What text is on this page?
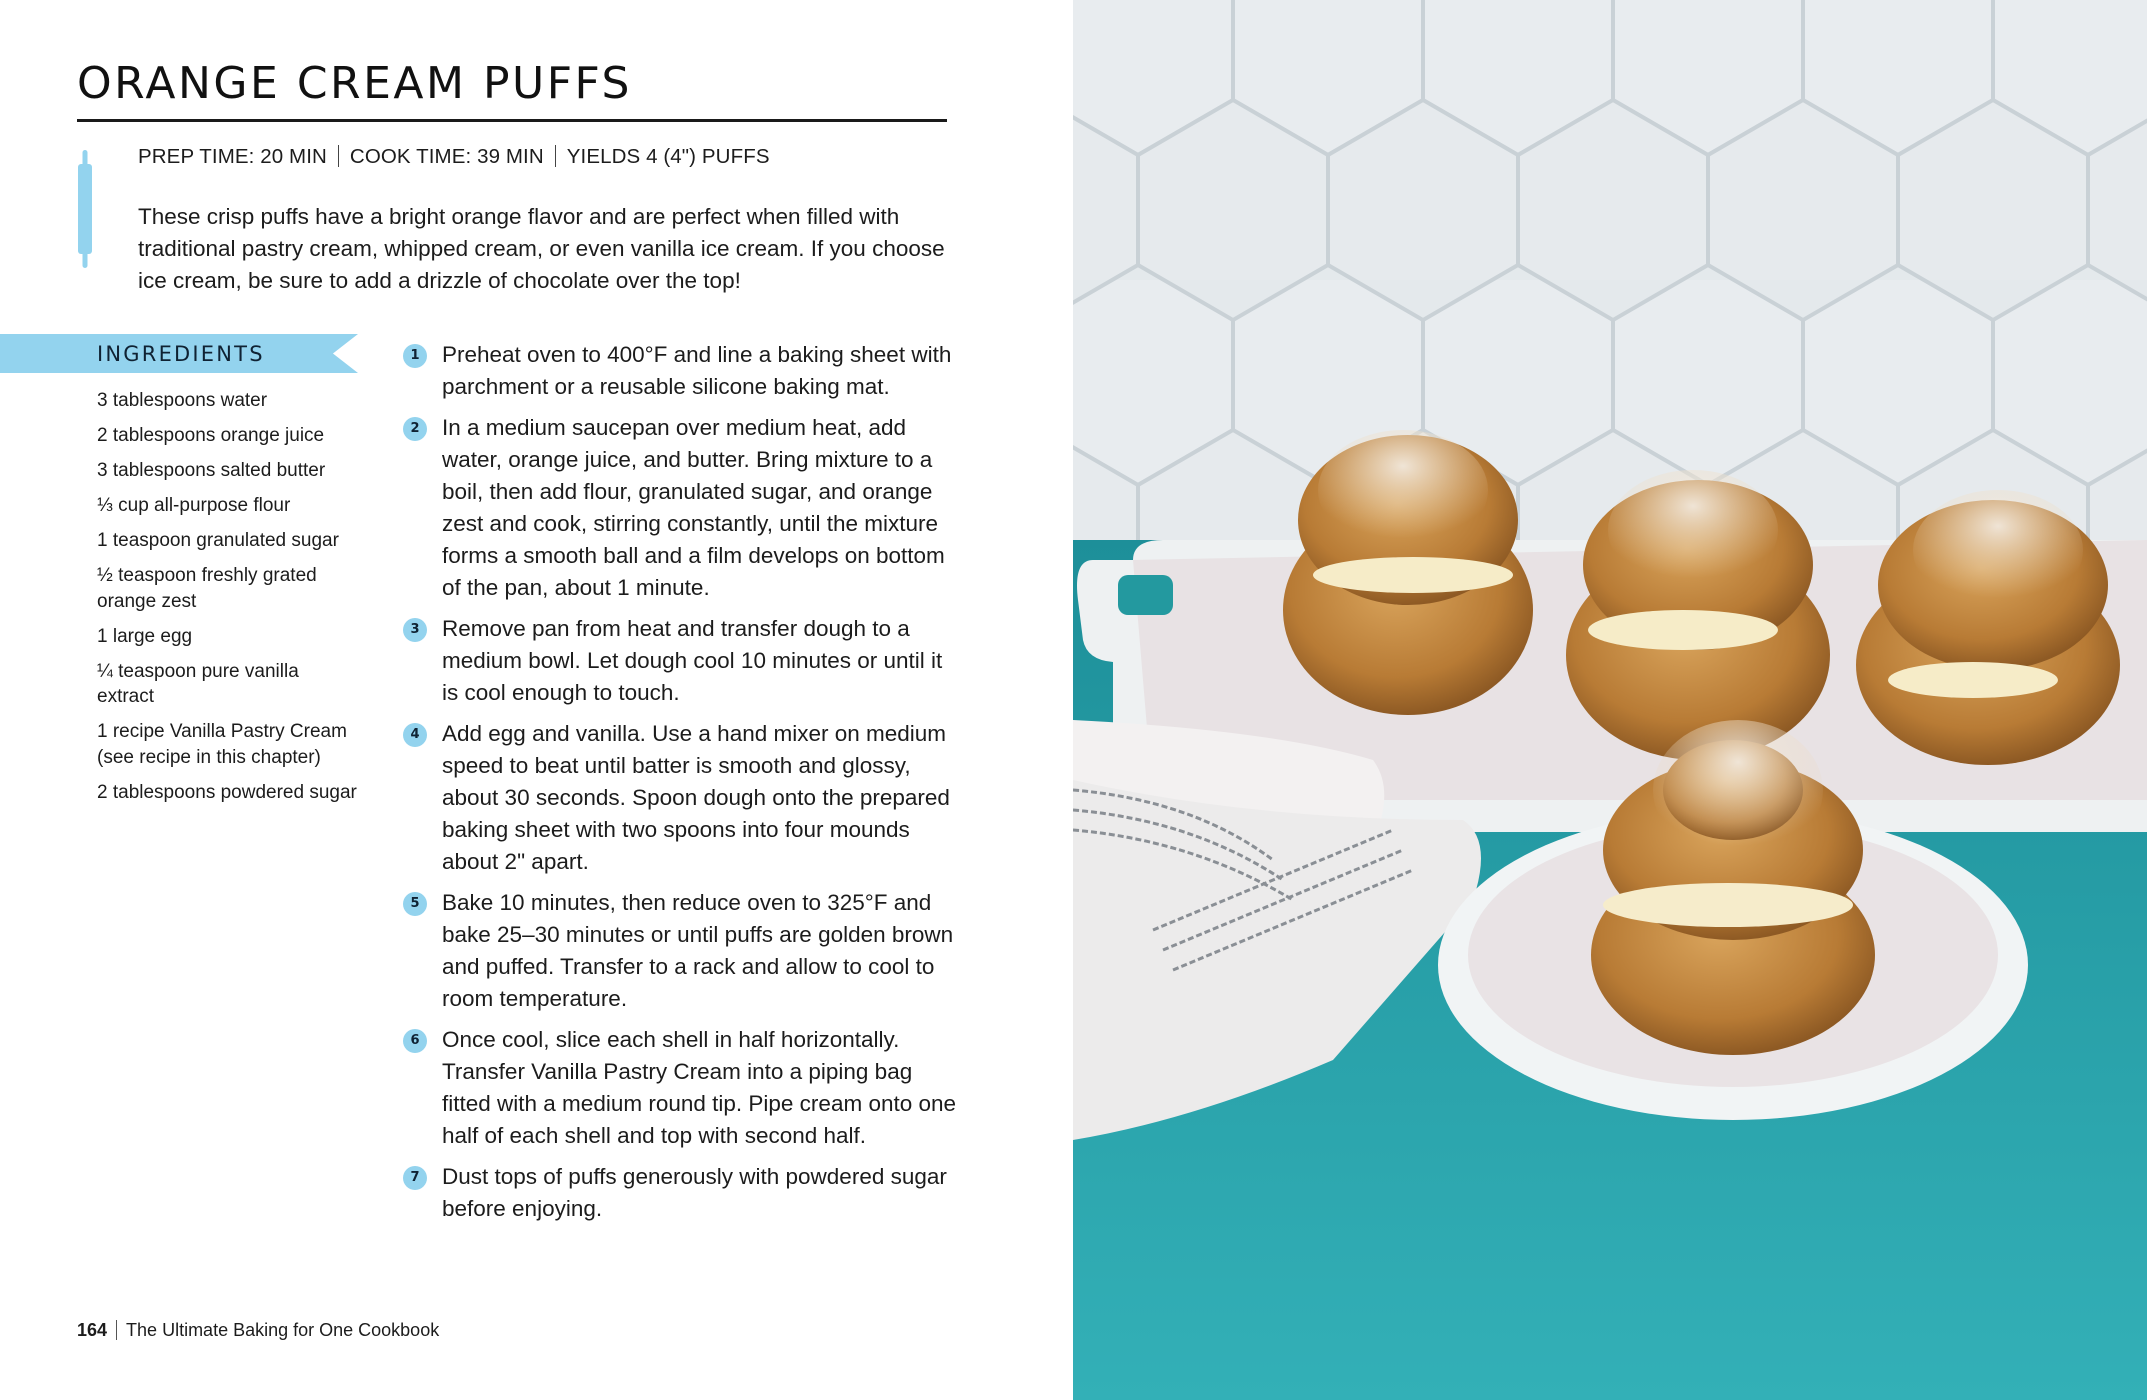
ORANGE CREAM PUFFS
PREP TIME: 20 MIN COOK TIME: 39 MIN YIELDS 4 (4") PUFFS

These crisp puffs have a bright orange flavor and are perfect when filled with traditional pastry cream, whipped cream, or even vanilla ice cream. If you choose ice cream, be sure to add a drizzle of chocolate over the top!

INGREDIENTS
3 tablespoons water
2 tablespoons orange juice
3 tablespoons salted butter
⅓ cup all-purpose flour
1 teaspoon granulated sugar
½ teaspoon freshly grated orange zest
1 large egg
¼ teaspoon pure vanilla extract
1 recipe Vanilla Pastry Cream (see recipe in this chapter)
2 tablespoons powdered sugar
1 Preheat oven to 400°F and line a baking sheet with parchment or a reusable silicone baking mat.
2 In a medium saucepan over medium heat, add water, orange juice, and butter. Bring mixture to a boil, then add flour, granulated sugar, and orange zest and cook, stirring constantly, until the mixture forms a smooth ball and a film develops on bottom of the pan, about 1 minute.
3 Remove pan from heat and transfer dough to a medium bowl. Let dough cool 10 minutes or until it is cool enough to touch.
4 Add egg and vanilla. Use a hand mixer on medium speed to beat until batter is smooth and glossy, about 30 seconds. Spoon dough onto the prepared baking sheet with two spoons into four mounds about 2" apart.
5 Bake 10 minutes, then reduce oven to 325°F and bake 25–30 minutes or until puffs are golden brown and puffed. Transfer to a rack and allow to cool to room temperature.
6 Once cool, slice each shell in half horizontally. Transfer Vanilla Pastry Cream into a piping bag fitted with a medium round tip. Pipe cream onto one half of each shell and top with second half.
7 Dust tops of puffs generously with powdered sugar before enjoying.
164 The Ultimate Baking for One Cookbook
